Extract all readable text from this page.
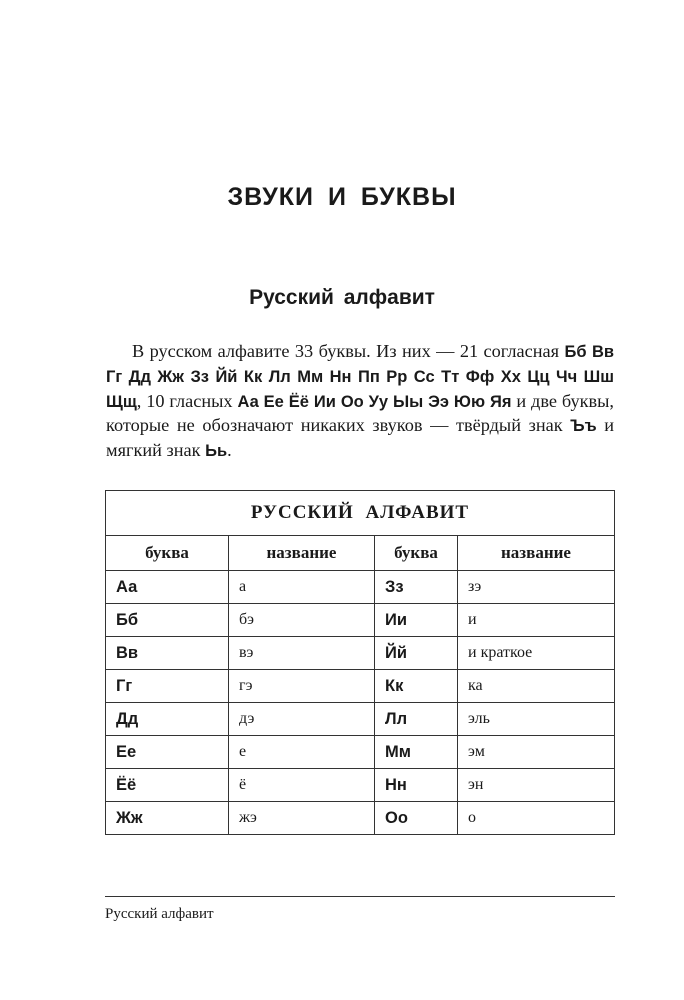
ЗВУКИ И БУКВЫ
Русский алфавит
В русском алфавите 33 буквы. Из них — 21 согласная Бб Вв Гг Дд Жж Зз Йй Кк Лл Мм Нн Пп Рр Сс Тт Фф Хх Цц Чч Шш Щщ, 10 гласных Аа Ее Ёё Ии Оо Уу Ыы Ээ Юю Яя и две буквы, которые не обозначают никаких звуков — твёрдый знак Ъъ и мягкий знак Ьь.
РУССКИЙ АЛФАВИТ			
буква	название	буква	название
Аа	а	Зз	зэ
Бб	бэ	Ии	и
Вв	вэ	Йй	и краткое
Гг	гэ	Кк	ка
Дд	дэ	Лл	эль
Ее	е	Мм	эм
Ёё	ё	Нн	эн
Жж	жэ	Оо	о
Русский алфавит
